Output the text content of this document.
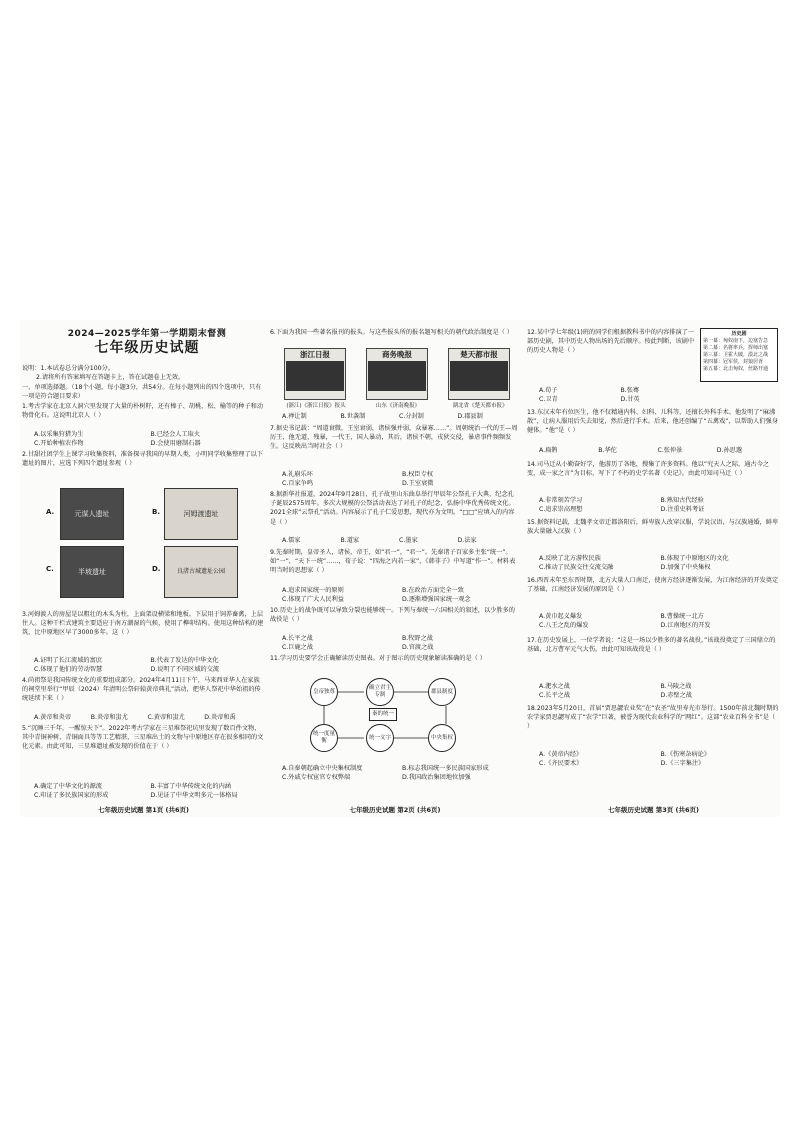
2024—2025学年第一学期期末督测
七年级历史试题
说明：1.本试卷总分满分100分。
2.请将所有答案填写在答题卡上，答在试题卷上无效。
一、单项选择题。（18个小题，每小题3分，共54分。在每小题列出的四个选项中，只有一项是符合题目要求）
1.考古学家在北京人洞穴里发现了大量的朴树籽，还有榛子、胡桃、松、榆等的种子和动物骨化石。这说明北京人（ ）
A.以采集狩猎为生	B.已经会人工取火
C.开始种植农作物	D.会使用磨制石器
2.甘甜社团学生上课学习收集资料，准备探寻我国的早期人类，小明同学收集整理了以下遗址的图片，应选下列四个遗址参观（ ）
A.	元谋人遗址	B.	河姆渡遗址
C.	半坡遗址	D.	良渚古城遗址公园
3.河姆渡人的房屋是以粗壮的木头为柱，上面架设横梁和地板。下层用于饲养畜禽，上层住人。这种干栏式建筑主要适应于南方潮湿的气候，使用了榫卯结构。使用这种结构的建筑，比中原地区早了3000多年。这（ ）
A.证明了长江流域的富庶	B.代表了发达的中华文化
C.体现了他们的劳动智慧	D.说明了不同区域的交流
4.尚祖祭是我国传统文化的重要组成部分。2024年4月11日下午，马来西亚华人在家族的祠堂里举行“甲辰（2024）年清明公祭轩辕黄帝典礼”活动，把华人祭祀中华始祖的传统延续下来（ ）
A.黄帝和炎帝	B.炎帝和蚩尤	C.黄帝和蚩尤	D.炎帝和禹
5.“沉睡三千年，一醒惊天下”。2022年考古学家在三星堆祭祀坑里发现了数百件文物，其中青铜神树、青铜面具等等工艺精湛，三星堆出土的文物与中原地区存在很多相同的文化元素。由此可知，三星堆遗址被发现的价值在于（ ）
A.确定了中华文化的源流	B.丰富了中华传统文化的内涵
C.印证了多民族国家的形成	D.见证了中华文明多元一体格局
七年级历史试题 第1页 (共6页)
6.下面为我国一些著名报刊的报头。与这些报头所的报名题写相关的朝代政治制度是（ ）
浙江日报	商务晚报	楚天都市报
(浙江)《浙江日报》报头	山东《济南晚报》	湖北省《楚天都市报》
A.禅让制	B.世袭制	C.分封制	D.郡县制
7.据史书记载：“周道衰微，王室衰弱，诸侯强并弱，众暴寡……”。周朝统治一代的王—周厉王，他无道，残暴，一代王，国人暴动，其后，诸侯不朝，戎狄交侵，暴虐事件频频发生。这反映出当时社会（ ）
A.礼崩乐坏	B.权臣专权
C.百家争鸣	D.王室衰微
8.据新华社报道，2024年9月28日，孔子故里山东曲阜举行甲辰年公祭孔子大典，纪念孔子诞辰2575周年。多次大规模的公祭活动表达了对孔子的纪念，弘扬中华优秀传统文化。2021全球“云祭孔”活动。内容展示了孔子仁爱思想，现代亦为文明。“□□”应填入的内容是（ ）
A.儒家	B.道家	C.墨家	D.法家
9.先秦时期，皇帝圣人，诸侯，帝王，如“君一”，“君一”。先秦诸子百家多主张“统一”。如“一”，“天下一统”……，荀子说：“四海之内若一家”，《韩非子》中写道“作一”。材料表明当时的思想家（ ）
A.追求国家统一的原则	B.在政治方面完全一致
C.体现了广大人民利益	D.逐渐增强国家统一观念
10.历史上的战争既可以导致分裂也能够统一。下列与秦统一六国相关的叙述，以少胜多的战役是（ ）
A.长平之战	B.牧野之战
C.巨鹿之战	D.官渡之战
11.学习历史要学会正确解读历史图表。对于图示的历史现象解读准确的是（ ）
皇帝独尊
确立君主专制
郡县制度
中央集权
统一文字
统一度量衡
秦的统一
A.自秦朝起确立中央集权制度	B.标志我国统一多民族国家形成
C.外戚专权宦官专权弊端	D.我国政治集团地位加强
七年级历史试题 第2页 (共6页)
历史剧
第一幕：匈奴南下，边塞告急
第二幕：名将率兵，挥师出塞
第三幕：卫霍大破，漠北之战
第四幕：冠军侯，封狼居胥
第五幕：北击匈奴，丝路开通
12.某中学七年级(1)班的同学们根据教科书中的内容排演了一部历史剧，其中历史人物出场的先后顺序。按此判断，该剧中的历史人物是（ ）
A.荀子	B.张骞
C.卫青	D.甘英
13.东汉末年有位医生，他不仅精通内科、妇科、儿科等，还擅长外科手术。他发明了“麻沸散”，让病人服用后失去知觉，然后进行手术。后来，他还创编了“五禽戏”，以帮助人们强身健体。“他”是（ ）
A.扁鹊	B.华佗	C.张仲景	D.孙思邈
14.司马迁从小勤奋好学，他游历了各地，搜集了许多资料。他以“究天人之际，通古今之变，成一家之言”为目标，写下了不朽的史学名著《史记》。由此可知司马迁（ ）
A.非常刻苦学习	B.熟知古代经验
C.追求崇高理想	D.注重史料考证
15.据资料记载，北魏孝文帝迁都洛阳后，鲜卑族人改穿汉服，学说汉语，与汉族通婚，鲜卑族大量融入汉族（ ）
A.反映了北方游牧民族	B.体现了中原地区的文化
C.推动了民族交往交流交融	D.加强了中央集权
16.西晋末年至东晋时期，北方大量人口南迁，使南方经济逐渐发展，为江南经济的开发奠定了基础，江南经济发展的原因是（ ）
A.黄巾起义爆发	B.曹操统一北方
C.八王之乱的爆发	D.江南地区的开发
17.在历史发展上，一位学者说：“这是一场以少胜多的著名战役。”该战役奠定了三国鼎立的基础，北方曹军元气大伤。由此可知该战役是（ ）
A.淝水之战	B.马陵之战
C.长平之战	D.赤壁之战
18.2023年5月20日，首届“贾思勰农业奖”在“农圣”故里寿光市举行。1500年前北魏时期的农学家贾思勰写成了“农学”巨著，被誉为现代农业科学的“网红”。这部“农业百科全书”是（ ）
A.《黄帝内经》	B.《伤寒杂病论》
C.《齐民要术》	D.《三字集注》
七年级历史试题 第3页 (共6页)
